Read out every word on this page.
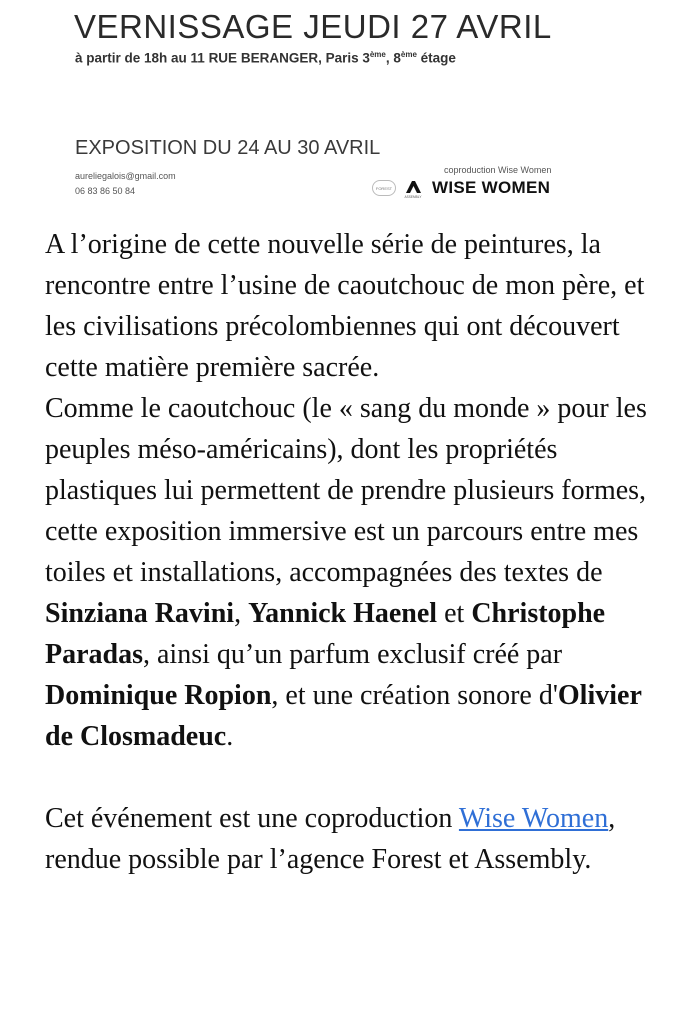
VERNISSAGE JEUDI 27 AVRIL
à partir de 18h au 11 RUE BERANGER, Paris 3ème, 8ème étage
EXPOSITION DU 24 AU 30 AVRIL
aureliegalois@gmail.com
06 83 86 50 84
coproduction Wise Women
FOREST
ASSEMBLY WISE WOMEN

A l’origine de cette nouvelle série de peintures, la rencontre entre l’usine de caoutchouc de mon père, et les civilisations précolombiennes qui ont découvert cette matière première sacrée.
Comme le caoutchouc (le « sang du monde » pour les peuples méso-américains), dont les propriétés plastiques lui permettent de prendre plusieurs formes, cette exposition immersive est un parcours entre mes toiles et installations, accompagnées des textes de Sinziana Ravini, Yannick Haenel et Christophe Paradas, ainsi qu’un parfum exclusif créé par Dominique Ropion, et une création sonore d'Olivier de Closmadeuc.

Cet événement est une coproduction Wise Women, rendue possible par l’agence Forest et Assembly.
